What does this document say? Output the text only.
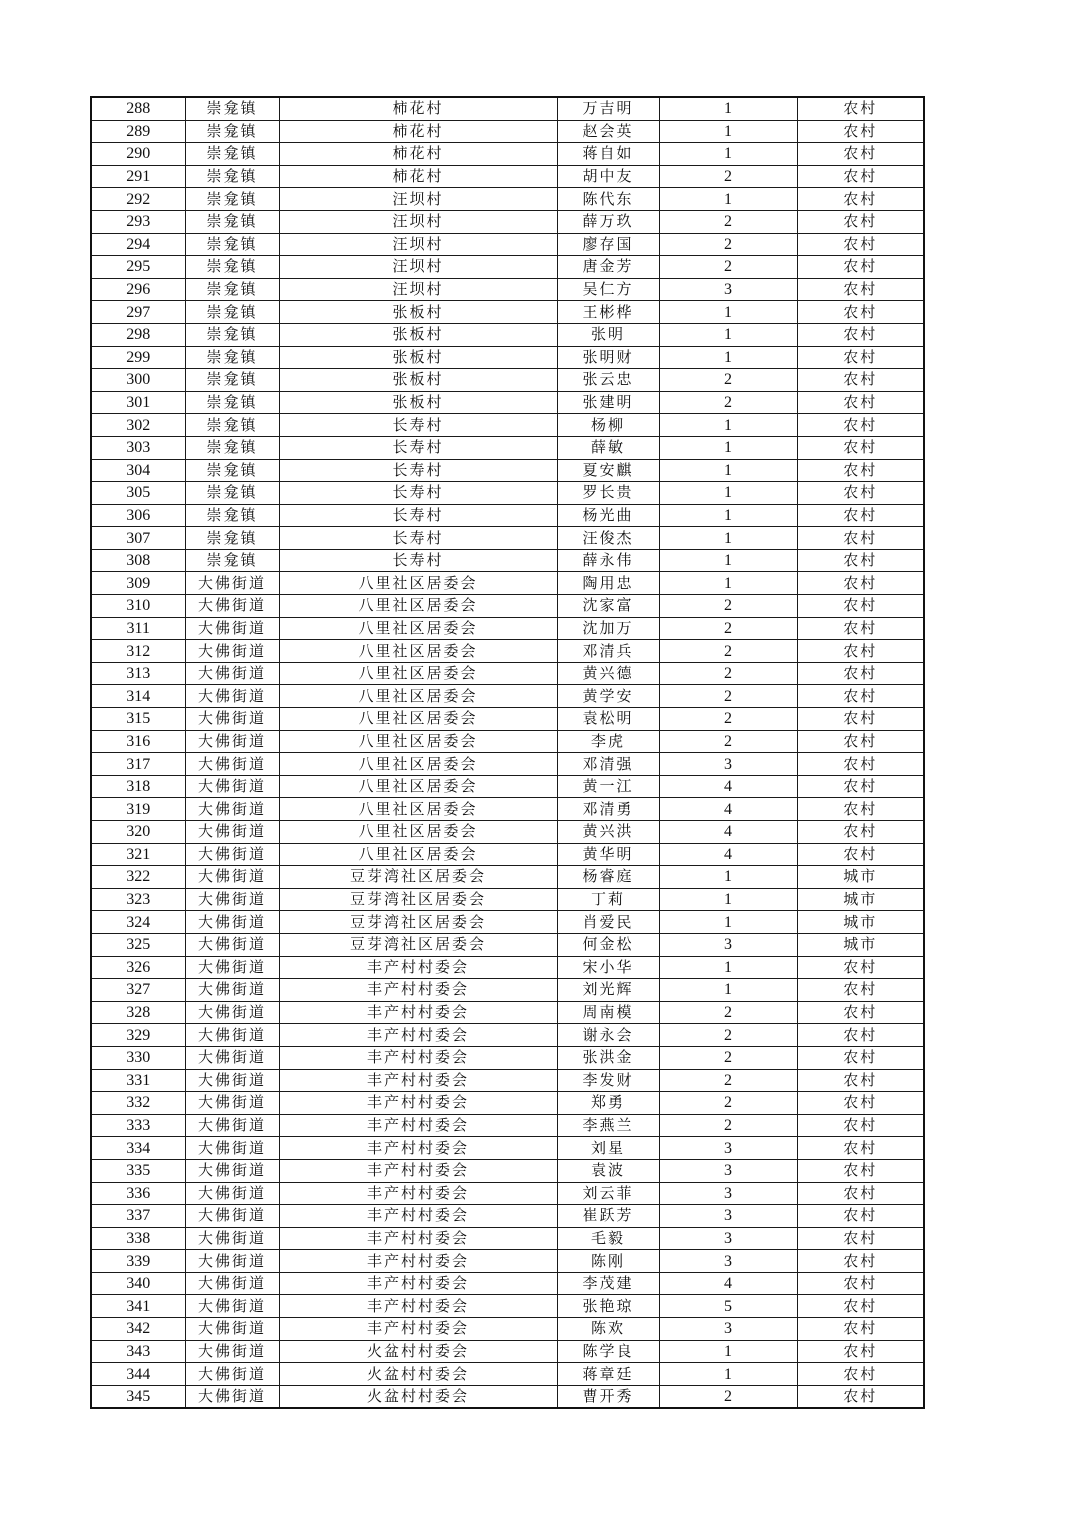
288	崇龛镇	柿花村	万吉明	1	农村
289	崇龛镇	柿花村	赵会英	1	农村
290	崇龛镇	柿花村	蒋自如	1	农村
291	崇龛镇	柿花村	胡中友	2	农村
292	崇龛镇	汪坝村	陈代东	1	农村
293	崇龛镇	汪坝村	薛万玖	2	农村
294	崇龛镇	汪坝村	廖存国	2	农村
295	崇龛镇	汪坝村	唐金芳	2	农村
296	崇龛镇	汪坝村	吴仁方	3	农村
297	崇龛镇	张板村	王彬桦	1	农村
298	崇龛镇	张板村	张明	1	农村
299	崇龛镇	张板村	张明财	1	农村
300	崇龛镇	张板村	张云忠	2	农村
301	崇龛镇	张板村	张建明	2	农村
302	崇龛镇	长寿村	杨柳	1	农村
303	崇龛镇	长寿村	薛敏	1	农村
304	崇龛镇	长寿村	夏安麒	1	农村
305	崇龛镇	长寿村	罗长贵	1	农村
306	崇龛镇	长寿村	杨光曲	1	农村
307	崇龛镇	长寿村	汪俊杰	1	农村
308	崇龛镇	长寿村	薛永伟	1	农村
309	大佛街道	八里社区居委会	陶用忠	1	农村
310	大佛街道	八里社区居委会	沈家富	2	农村
311	大佛街道	八里社区居委会	沈加万	2	农村
312	大佛街道	八里社区居委会	邓清兵	2	农村
313	大佛街道	八里社区居委会	黄兴德	2	农村
314	大佛街道	八里社区居委会	黄学安	2	农村
315	大佛街道	八里社区居委会	袁松明	2	农村
316	大佛街道	八里社区居委会	李虎	2	农村
317	大佛街道	八里社区居委会	邓清强	3	农村
318	大佛街道	八里社区居委会	黄一江	4	农村
319	大佛街道	八里社区居委会	邓清勇	4	农村
320	大佛街道	八里社区居委会	黄兴洪	4	农村
321	大佛街道	八里社区居委会	黄华明	4	农村
322	大佛街道	豆芽湾社区居委会	杨睿庭	1	城市
323	大佛街道	豆芽湾社区居委会	丁莉	1	城市
324	大佛街道	豆芽湾社区居委会	肖爱民	1	城市
325	大佛街道	豆芽湾社区居委会	何金松	3	城市
326	大佛街道	丰产村村委会	宋小华	1	农村
327	大佛街道	丰产村村委会	刘光辉	1	农村
328	大佛街道	丰产村村委会	周南模	2	农村
329	大佛街道	丰产村村委会	谢永会	2	农村
330	大佛街道	丰产村村委会	张洪金	2	农村
331	大佛街道	丰产村村委会	李发财	2	农村
332	大佛街道	丰产村村委会	郑勇	2	农村
333	大佛街道	丰产村村委会	李燕兰	2	农村
334	大佛街道	丰产村村委会	刘星	3	农村
335	大佛街道	丰产村村委会	袁波	3	农村
336	大佛街道	丰产村村委会	刘云菲	3	农村
337	大佛街道	丰产村村委会	崔跃芳	3	农村
338	大佛街道	丰产村村委会	毛毅	3	农村
339	大佛街道	丰产村村委会	陈刚	3	农村
340	大佛街道	丰产村村委会	李茂建	4	农村
341	大佛街道	丰产村村委会	张艳琼	5	农村
342	大佛街道	丰产村村委会	陈欢	3	农村
343	大佛街道	火盆村村委会	陈学良	1	农村
344	大佛街道	火盆村村委会	蒋章廷	1	农村
345	大佛街道	火盆村村委会	曹开秀	2	农村
